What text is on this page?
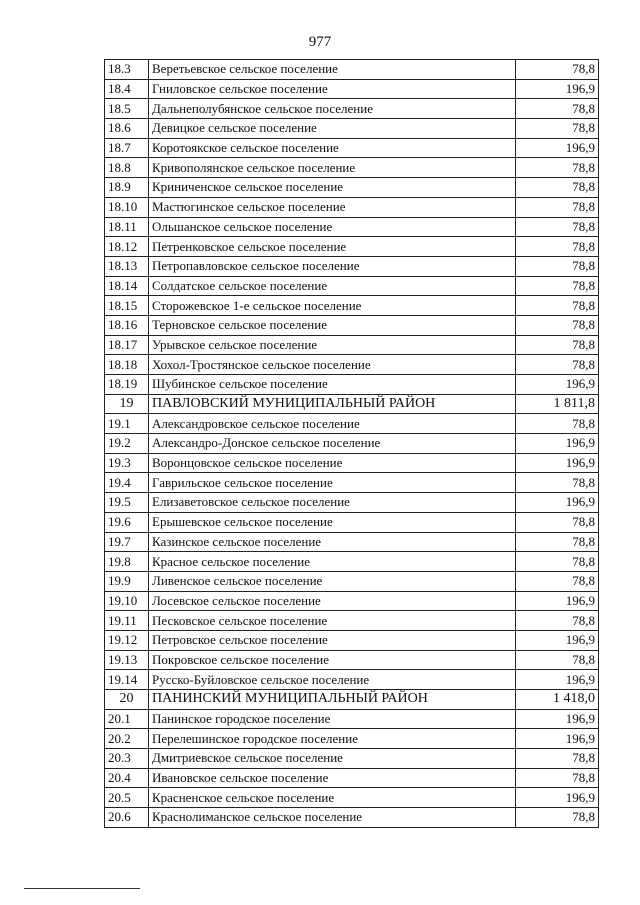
977
18.3	Веретьевское сельское поселение	78,8
18.4	Гниловское сельское поселение	196,9
18.5	Дальнеполубянское сельское поселение	78,8
18.6	Девицкое сельское поселение	78,8
18.7	Коротоякское сельское поселение	196,9
18.8	Кривополянское сельское поселение	78,8
18.9	Криниченское сельское поселение	78,8
18.10	Мастюгинское сельское поселение	78,8
18.11	Ольшанское сельское поселение	78,8
18.12	Петренковское сельское поселение	78,8
18.13	Петропавловское сельское поселение	78,8
18.14	Солдатское сельское поселение	78,8
18.15	Сторожевское 1-е сельское поселение	78,8
18.16	Терновское сельское поселение	78,8
18.17	Урывское сельское поселение	78,8
18.18	Хохол-Тростянское сельское поселение	78,8
18.19	Шубинское сельское поселение	196,9
19	ПАВЛОВСКИЙ МУНИЦИПАЛЬНЫЙ РАЙОН	1 811,8
19.1	Александровское сельское поселение	78,8
19.2	Александро-Донское сельское поселение	196,9
19.3	Воронцовское сельское поселение	196,9
19.4	Гаврильское сельское поселение	78,8
19.5	Елизаветовское сельское поселение	196,9
19.6	Ерышевское сельское поселение	78,8
19.7	Казинское сельское поселение	78,8
19.8	Красное сельское поселение	78,8
19.9	Ливенское сельское поселение	78,8
19.10	Лосевское сельское поселение	196,9
19.11	Песковское сельское поселение	78,8
19.12	Петровское сельское поселение	196,9
19.13	Покровское сельское поселение	78,8
19.14	Русско-Буйловское сельское поселение	196,9
20	ПАНИНСКИЙ МУНИЦИПАЛЬНЫЙ РАЙОН	1 418,0
20.1	Панинское городское поселение	196,9
20.2	Перелешинское городское поселение	196,9
20.3	Дмитриевское сельское поселение	78,8
20.4	Ивановское сельское поселение	78,8
20.5	Красненское сельское поселение	196,9
20.6	Краснолиманское сельское поселение	78,8
